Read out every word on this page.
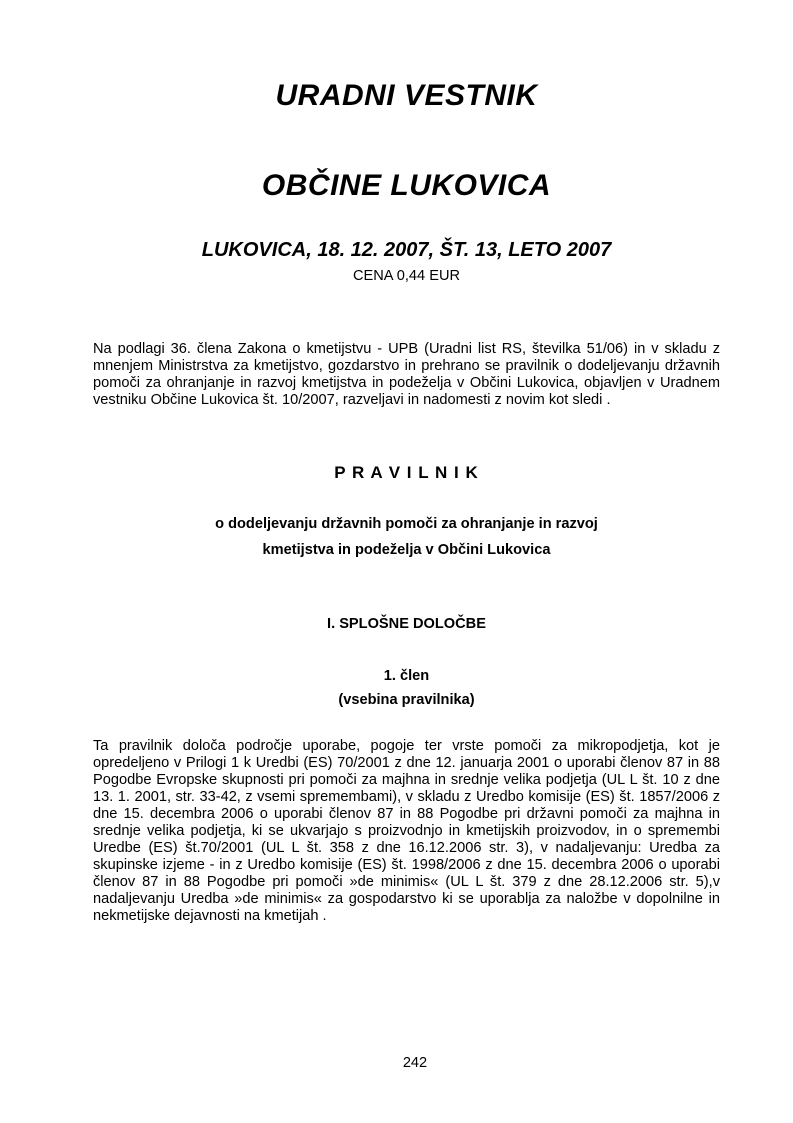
URADNI VESTNIK
OBČINE LUKOVICA
LUKOVICA, 18. 12. 2007, ŠT. 13, LETO 2007
CENA 0,44 EUR

Na podlagi 36. člena Zakona o kmetijstvu - UPB (Uradni list RS, številka 51/06) in v skladu z mnenjem Ministrstva za kmetijstvo, gozdarstvo in prehrano se pravilnik o dodeljevanju državnih pomoči za ohranjanje in razvoj kmetijstva in podeželja v Občini Lukovica, objavljen v Uradnem vestniku Občine Lukovica št. 10/2007, razveljavi in nadomesti z novim kot sledi .

P R A V I L N I K
o dodeljevanju državnih pomoči za ohranjanje in razvoj
kmetijstva in podeželja v Občini Lukovica
I. SPLOŠNE DOLOČBE
1. člen
(vsebina pravilnika)

Ta pravilnik določa področje uporabe, pogoje ter vrste pomoči za mikropodjetja, kot je opredeljeno v Prilogi 1 k Uredbi (ES) 70/2001 z dne 12. januarja 2001 o uporabi členov 87 in 88 Pogodbe Evropske skupnosti pri pomoči za majhna in srednje velika podjetja (UL L št. 10 z dne 13. 1. 2001, str. 33-42, z vsemi spremembami), v skladu z Uredbo komisije (ES) št. 1857/2006 z dne 15. decembra 2006 o uporabi členov 87 in 88 Pogodbe pri državni pomoči za majhna in srednje velika podjetja, ki se ukvarjajo s proizvodnjo in kmetijskih proizvodov, in o spremembi Uredbe (ES) št.70/2001 (UL L št. 358 z dne 16.12.2006 str. 3), v nadaljevanju: Uredba za skupinske izjeme - in z Uredbo komisije (ES) št. 1998/2006 z dne 15. decembra 2006 o uporabi členov 87 in 88 Pogodbe pri pomoči »de minimis« (UL L št. 379 z dne 28.12.2006 str. 5),v nadaljevanju Uredba »de minimis« za gospodarstvo ki se uporablja za naložbe v dopolnilne in nekmetijske dejavnosti na kmetijah .

242
